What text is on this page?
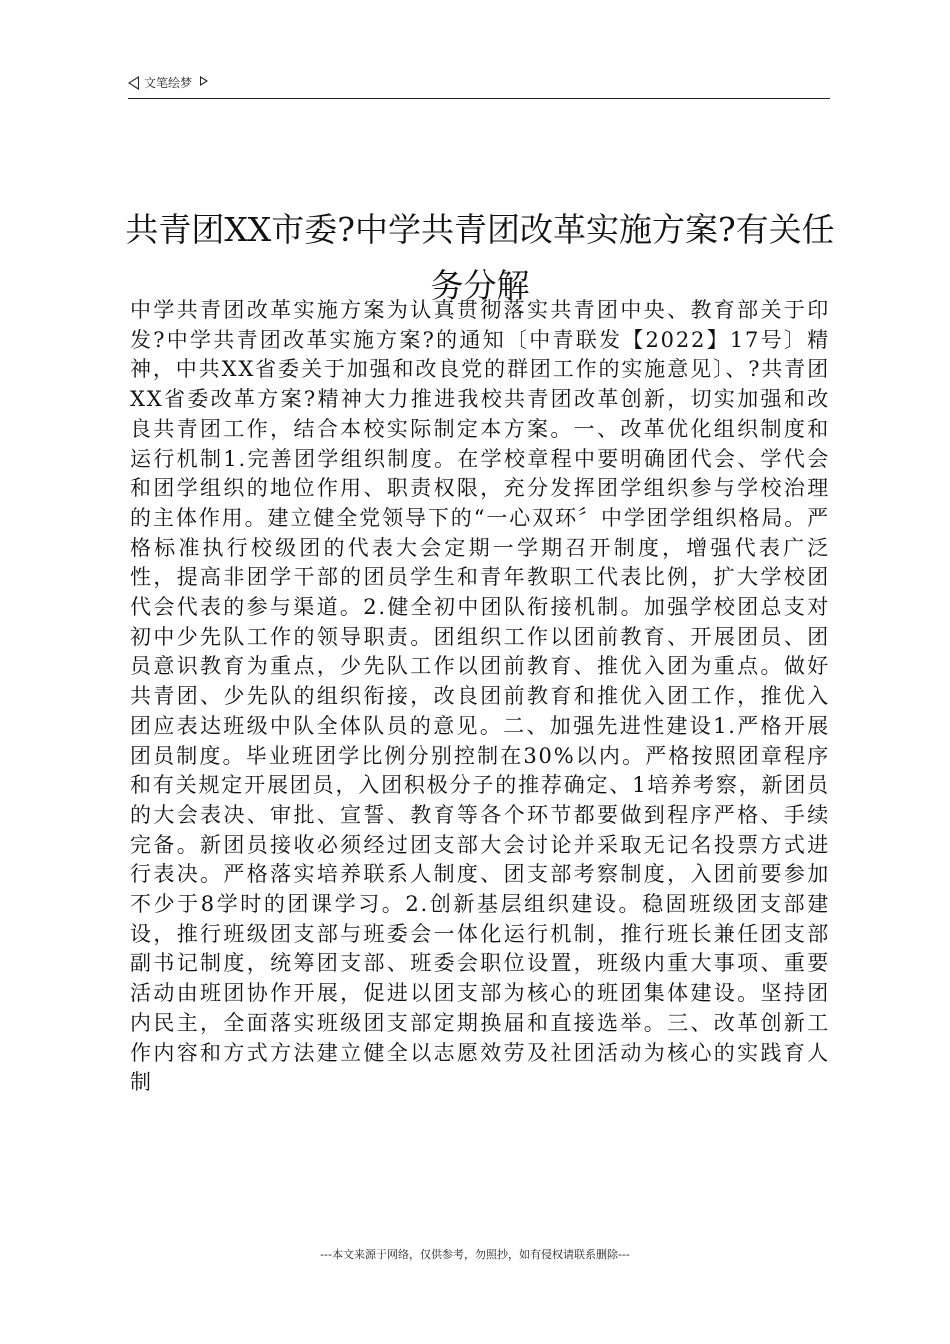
文笔绘梦
共青团XX市委?中学共青团改革实施方案?有关任务分解

中学共青团改革实施方案为认真贯彻落实共青团中央、教育部关于印发?中学共青团改革实施方案?的通知〔中青联发【2022】17号〕精神，中共XX省委关于加强和改良党的群团工作的实施意见〕、?共青团XX省委改革方案?精神大力推进我校共青团改革创新，切实加强和改良共青团工作，结合本校实际制定本方案。一、改革优化组织制度和运行机制1.完善团学组织制度。在学校章程中要明确团代会、学代会和团学组织的地位作用、职责权限，充分发挥团学组织参与学校治理的主体作用。建立健全党领导下的“一心双环〞中学团学组织格局。严格标准执行校级团的代表大会定期一学期召开制度，增强代表广泛性，提高非团学干部的团员学生和青年教职工代表比例，扩大学校团代会代表的参与渠道。2.健全初中团队衔接机制。加强学校团总支对初中少先队工作的领导职责。团组织工作以团前教育、开展团员、团员意识教育为重点，少先队工作以团前教育、推优入团为重点。做好共青团、少先队的组织衔接，改良团前教育和推优入团工作，推优入团应表达班级中队全体队员的意见。二、加强先进性建设1.严格开展团员制度。毕业班团学比例分别控制在30%以内。严格按照团章程序和有关规定开展团员，入团积极分子的推荐确定、1培养考察，新团员的大会表决、审批、宣誓、教育等各个环节都要做到程序严格、手续完备。新团员接收必须经过团支部大会讨论并采取无记名投票方式进行表决。严格落实培养联系人制度、团支部考察制度，入团前要参加不少于8学时的团课学习。2.创新基层组织建设。稳固班级团支部建设，推行班级团支部与班委会一体化运行机制，推行班长兼任团支部副书记制度，统筹团支部、班委会职位设置，班级内重大事项、重要活动由班团协作开展，促进以团支部为核心的班团集体建设。坚持团内民主，全面落实班级团支部定期换届和直接选举。三、改革创新工作内容和方式方法建立健全以志愿效劳及社团活动为核心的实践育人制

---本文来源于网络，仅供参考，勿照抄，如有侵权请联系删除---
